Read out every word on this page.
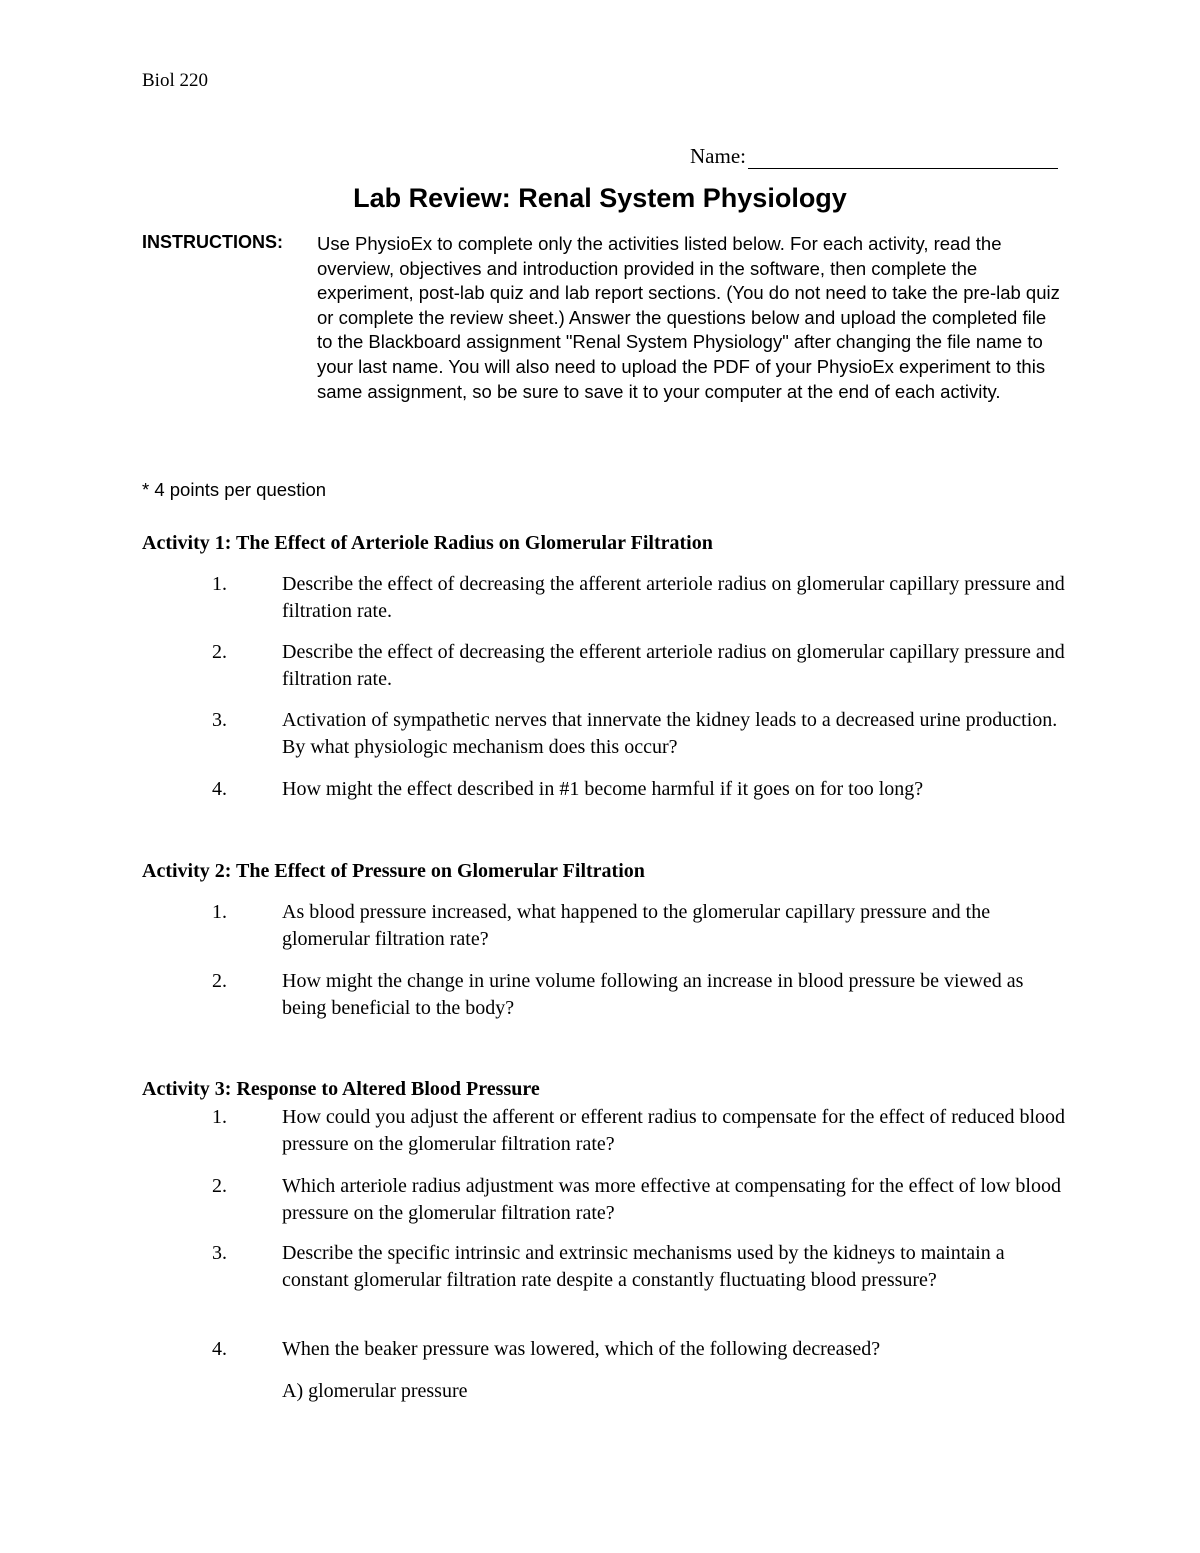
Biol 220
Name:
Lab Review: Renal System Physiology
INSTRUCTIONS: Use PhysioEx to complete only the activities listed below. For each activity, read the overview, objectives and introduction provided in the software, then complete the experiment, post-lab quiz and lab report sections. (You do not need to take the pre-lab quiz or complete the review sheet.) Answer the questions below and upload the completed file to the Blackboard assignment "Renal System Physiology" after changing the file name to your last name. You will also need to upload the PDF of your PhysioEx experiment to this same assignment, so be sure to save it to your computer at the end of each activity.
* 4 points per question
Activity 1: The Effect of Arteriole Radius on Glomerular Filtration
1.	Describe the effect of decreasing the afferent arteriole radius on glomerular capillary pressure and filtration rate.
2.	Describe the effect of decreasing the efferent arteriole radius on glomerular capillary pressure and filtration rate.
3.	Activation of sympathetic nerves that innervate the kidney leads to a decreased urine production. By what physiologic mechanism does this occur?
4.	How might the effect described in #1 become harmful if it goes on for too long?
Activity 2: The Effect of Pressure on Glomerular Filtration
1.	As blood pressure increased, what happened to the glomerular capillary pressure and the glomerular filtration rate?
2.	How might the change in urine volume following an increase in blood pressure be viewed as being beneficial to the body?
Activity 3: Response to Altered Blood Pressure
1.	How could you adjust the afferent or efferent radius to compensate for the effect of reduced blood pressure on the glomerular filtration rate?
2.	Which arteriole radius adjustment was more effective at compensating for the effect of low blood pressure on the glomerular filtration rate?
3.	Describe the specific intrinsic and extrinsic mechanisms used by the kidneys to maintain a constant glomerular filtration rate despite a constantly fluctuating blood pressure?
4.	When the beaker pressure was lowered, which of the following decreased?
A) glomerular pressure
